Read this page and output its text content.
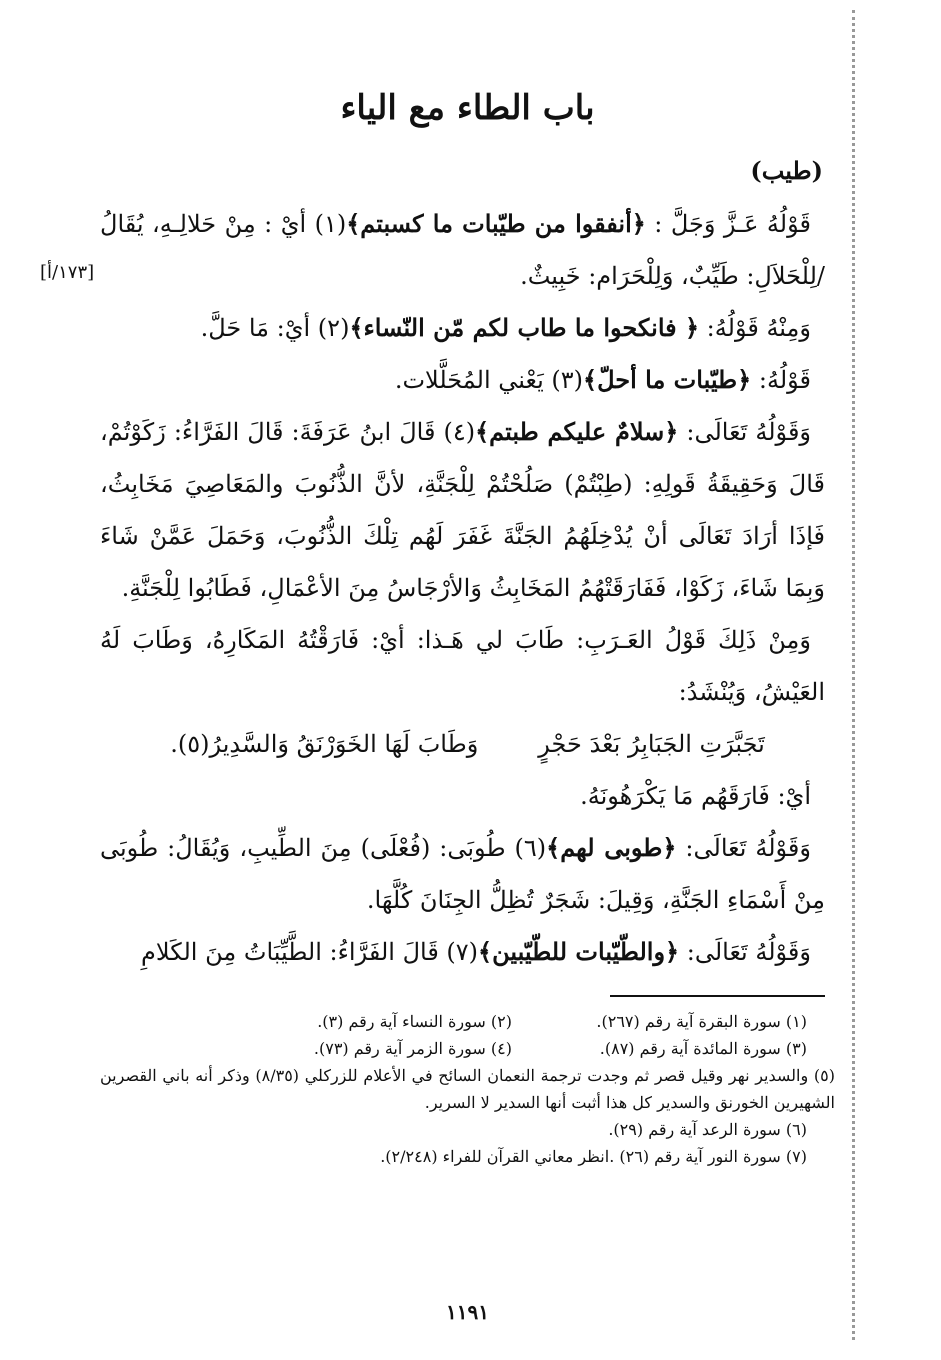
باب الطاء مع الياء
(طيب)
[١٧٣/أ]

قَوْلُهُ عَـزَّ وَجَلَّ : ﴿أنفقوا من طيّبات ما كسبتم﴾(١) أيْ : مِنْ حَلالِـهِ، يُقَالُ /لِلْحَلاَلِ: طَيِّبٌ، وَلِلْحَرَام: خَبِيثٌ.

وَمِنْهُ قَوْلُهُ: ﴿ فانكحوا ما طاب لكم مّن النّساء﴾(٢) أيْ: مَا حَلَّ.

قَوْلُهُ: ﴿طيّبات ما أحلّ﴾(٣) يَعْني المُحَلَّلات.

وَقَوْلُهُ تَعَالَى: ﴿سلامٌ عليكم طبتم﴾(٤) قَالَ ابنُ عَرَفَةَ: قَالَ الفَرَّاءُ: زَكَوْتُمْ، قَالَ وَحَقِيقَةُ قَولِهِ: (طِبْتُمْ) صَلُحْتُمْ لِلْجَنَّةِ، لأنَّ الذُّنُوبَ والمَعَاصِيَ مَخَابِثُ، فَإذَا أرَادَ تَعَالَى أنْ يُدْخِلَهُمُ الجَنَّةَ غَفَرَ لَهُم تِلْكَ الذُّنُوبَ، وَحَمَلَ عَمَّنْ شَاءَ وَبِمَا شَاءَ، زَكَوْا، فَفَارَقَتْهُمُ المَخَابِثُ وَالأرْجَاسُ مِنَ الأعْمَالِ، فَطَابُوا لِلْجَنَّةِ.

وَمِنْ ذَلِكَ قَوْلُ العَـرَبِ: طَابَ لي هَـذا: أيْ: فَارَقْتُهُ المَكَارِهُ، وَطَابَ لَهُ العَيْشُ، وَيُنْشَدُ:

تَجَبَّرَتِ الجَبَابِرُ بَعْدَ حَجْرٍ
وَطَابَ لَهَا الخَوَرْنَقُ وَالسَّدِيرُ(٥).

أيْ: فَارَقَهُم مَا يَكْرَهُونَهُ.

وَقَوْلُهُ تَعَالَى: ﴿طوبى لهم﴾(٦) طُوبَى: (فُعْلَى) مِنَ الطِّيبِ، وَيُقَالُ: طُوبَى مِنْ أَسْمَاءِ الجَنَّةِ، وَقِيلَ: شَجَرٌ تُظِلُّ الجِنَانَ كُلَّهَا.

وَقَوْلُهُ تَعَالَى: ﴿والطّيّبات للطّيّبين﴾(٧) قَالَ الفَرَّاءُ: الطَّيِّبَاتُ مِنَ الكَلامِ

(١) سورة البقرة آية رقم (٢٦٧).
(٢) سورة النساء آية رقم (٣).
(٣) سورة المائدة آية رقم (٨٧).
(٤) سورة الزمر آية رقم (٧٣).
(٥) والسدير نهر وقيل قصر ثم وجدت ترجمة النعمان السائح في الأعلام للزركلي (٨/٣٥) وذكر أنه باني القصرين الشهيرين الخورنق والسدير كل هذا أثبت أنها السدير لا السرير.
(٦) سورة الرعد آية رقم (٢٩).
(٧) سورة النور آية رقم (٢٦) .انظر معاني القرآن للفراء (٢/٢٤٨).
١١٩١
